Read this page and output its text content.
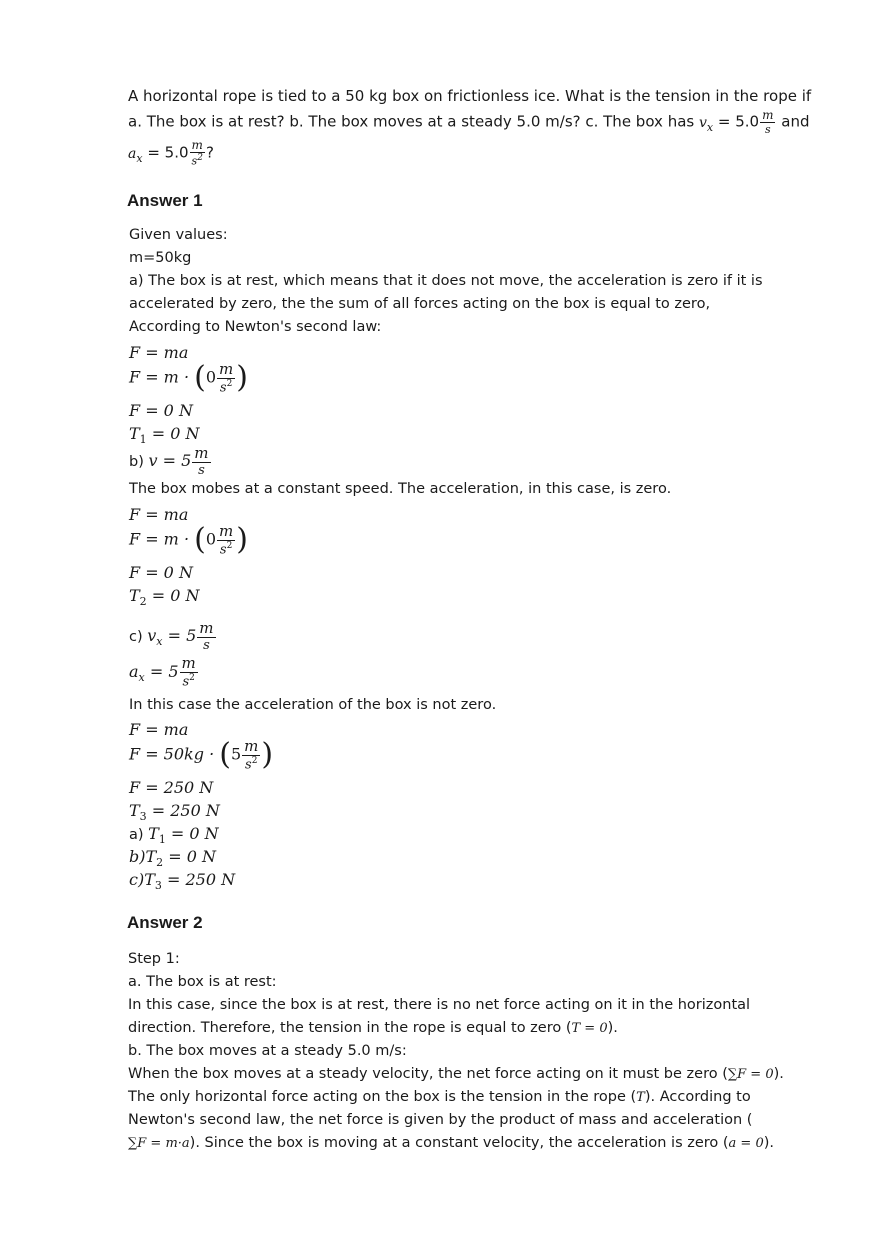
A horizontal rope is tied to a 50 kg box on frictionless ice. What is the tension in the rope if a. The box is at rest? b. The box moves at a steady 5.0 m/s? c. The box has $v_x = 5.0 \frac{m}{s}$ and
$a_x = 5.0 \frac{m}{s^2}$ ?
Answer 1
Given values:
m=50kg
a) The box is at rest, which means that it does not move, the acceleration is zero if it is
accelerated by zero, the the sum of all forces acting on the box is equal to zero,
According to Newton's second law:
F = ma
$F = m \cdot (0 \frac{m}{s^2}$ )
F = 0 N
$T_1 = 0$ N
b) $v = 5 \frac{m}{s}$
The box mobes at a constant speed. The acceleration, in this case, is zero.
F = ma
$F = m \cdot (0 \frac{m}{s^2}$ )
F = 0 N
$T_2 = 0$ N
c) $v_x = 5 \frac{m}{s}$
$a_x = 5 \frac{m}{s^2}$
In this case the acceleration of the box is not zero.
F = ma
$F = 50kg \cdot (5 \frac{m}{s^2}$ )
F = 250 N
$T_3 = 250$ N
a) $T_1 = 0$ N
$b)T_2 = 0$ N
$c)T_3 = 250$ N
Answer 2
Step 1:
a. The box is at rest:
In this case, since the box is at rest, there is no net force acting on it in the horizontal
direction. Therefore, the tension in the rope is equal to zero (T = 0).
b. The box moves at a steady 5.0 m/s:
When the box moves at a steady velocity, the net force acting on it must be zero (∑F = 0).
The only horizontal force acting on the box is the tension in the rope (T). According to
Newton's second law, the net force is given by the product of mass and acceleration (
∑F = m·a). Since the box is moving at a constant velocity, the acceleration is zero (a = 0).
